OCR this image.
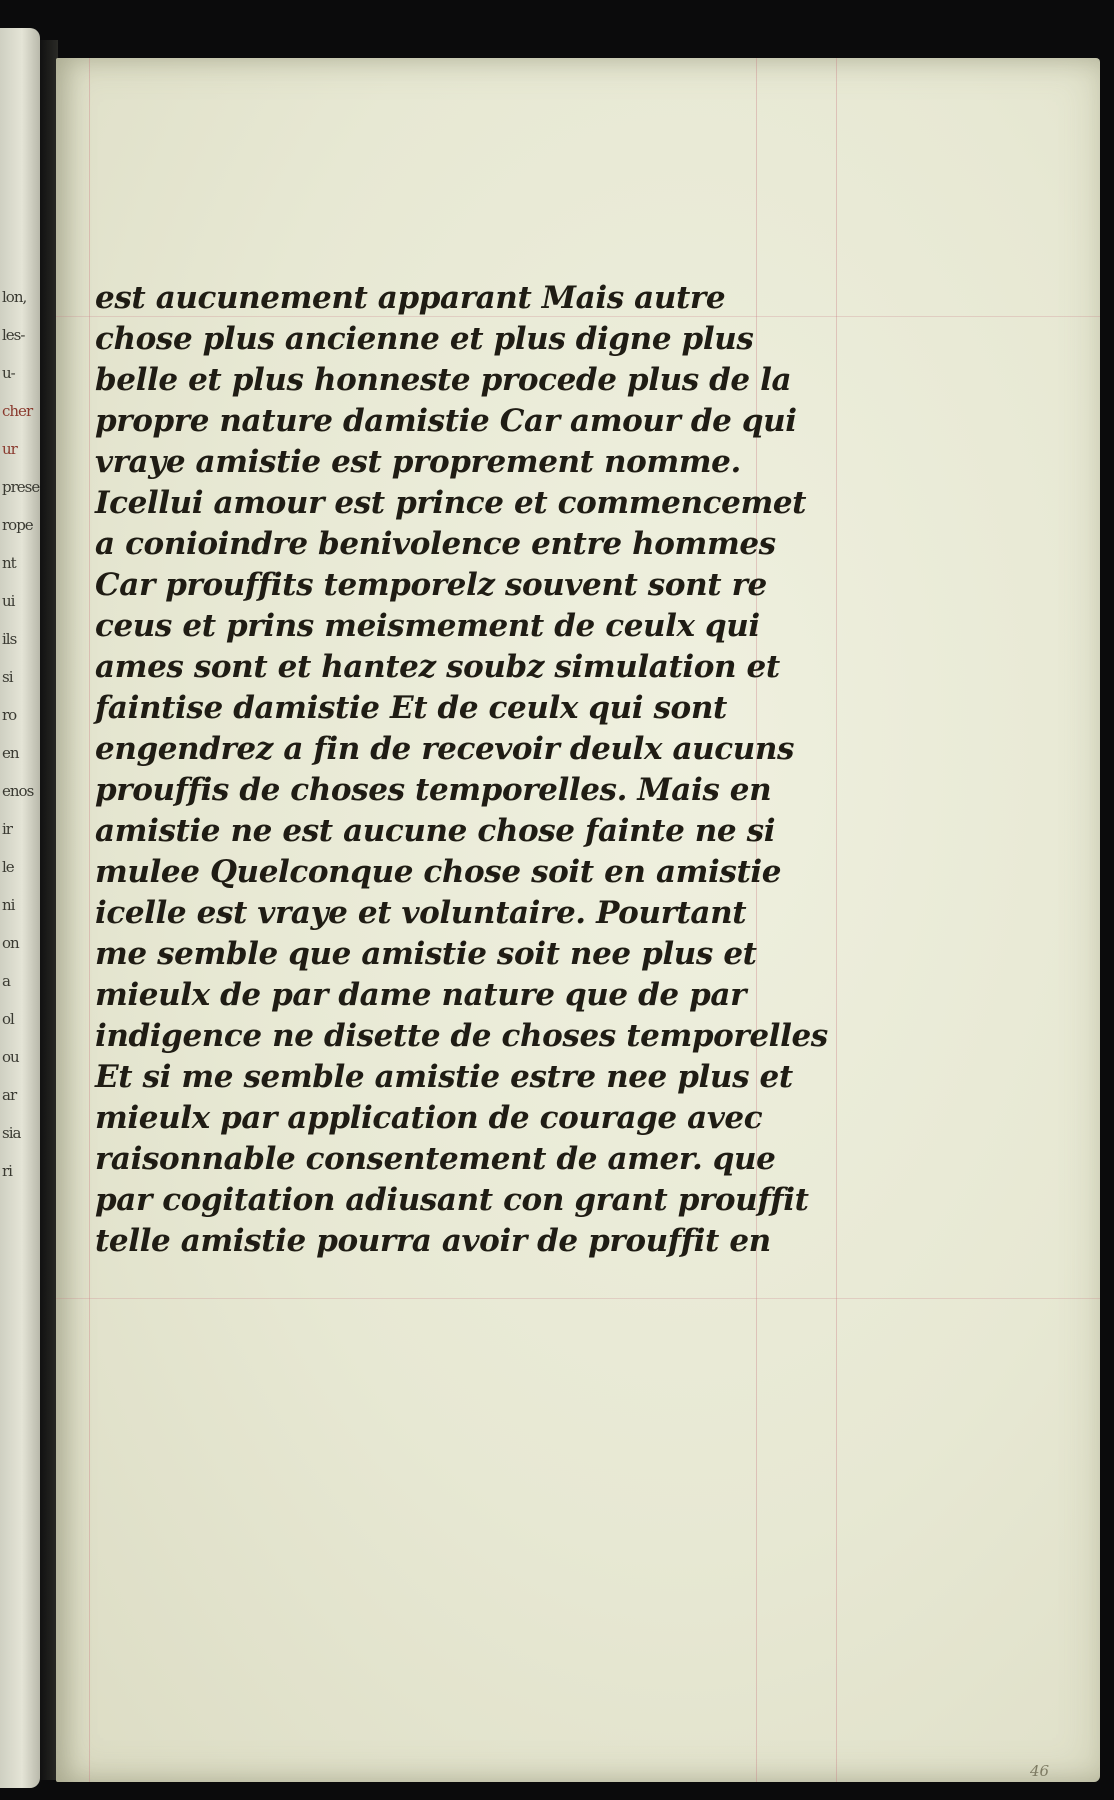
lon,
les-
u-
cher
ur
prese
rope
nt
ui
ils
si
ro
en
enos
ir
le
ni
on
a
ol
ou
ar
sia
ri
est aucunement apparant Mais autre
chose plus ancienne et plus digne plus
belle et plus honneste procede plus de la
propre nature damistie Car amour de qui
vraye amistie est proprement nomme.
Icellui amour est prince et commencemet
a conioindre benivolence entre hommes
Car prouffits temporelz souvent sont re
ceus et prins meismement de ceulx qui
ames sont et hantez soubz simulation et
faintise damistie Et de ceulx qui sont
engendrez a fin de recevoir deulx aucuns
prouffis de choses temporelles. Mais en
amistie ne est aucune chose fainte ne si
mulee Quelconque chose soit en amistie
icelle est vraye et voluntaire. Pourtant
me semble que amistie soit nee plus et
mieulx de par dame nature que de par
indigence ne disette de choses temporelles
Et si me semble amistie estre nee plus et
mieulx par application de courage avec
raisonnable consentement de amer. que
par cogitation adiusant con grant prouffit
telle amistie pourra avoir de prouffit en
46
